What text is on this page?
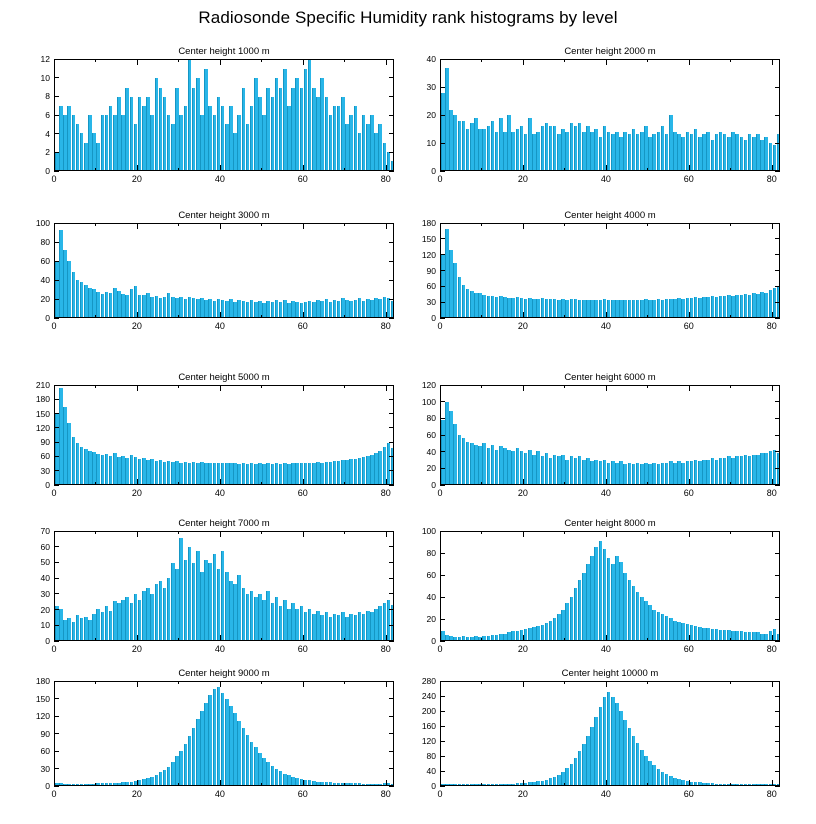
Radiosonde Specific Humidity rank histograms by level
Center height 1000 m
0
2
4
6
8
10
12
0	20	40	60	80
Center height 2000 m
0
10
20
30
40
0	20	40	60	80
Center height 3000 m
0
20
40
60
80
100
0	20	40	60	80
Center height 4000 m
0
30
60
90
120
150
180
0	20	40	60	80
Center height 5000 m
0
30
60
90
120
150
180
210
0	20	40	60	80
Center height 6000 m
0
20
40
60
80
100
120
0	20	40	60	80
Center height 7000 m
0
10
20
30
40
50
60
70
0	20	40	60	80
Center height 8000 m
0
20
40
60
80
100
0	20	40	60	80
Center height 9000 m
0
30
60
90
120
150
180
0	20	40	60	80
Center height 10000 m
0
40
80
120
160
200
240
280
0	20	40	60	80
